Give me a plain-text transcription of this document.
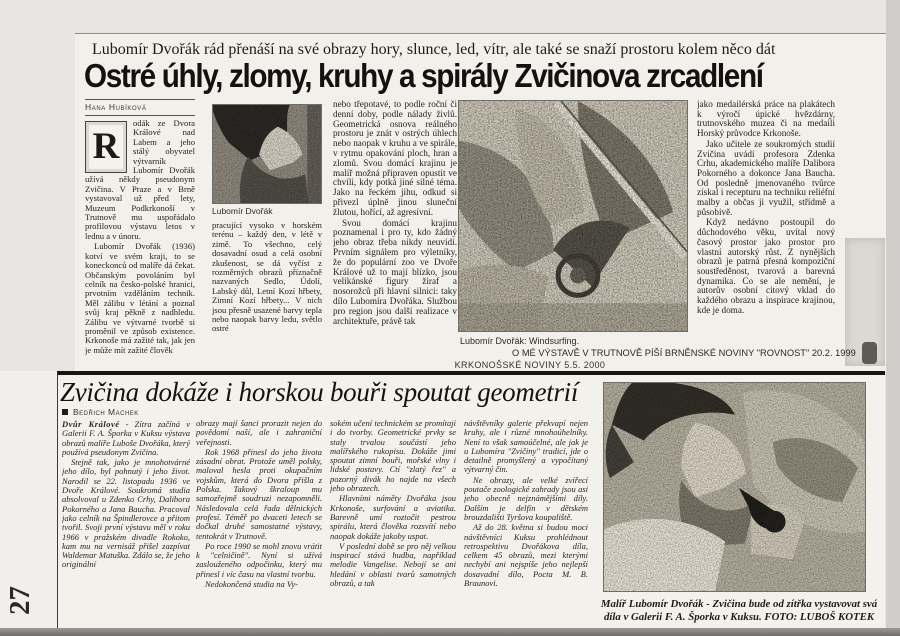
Lubomír Dvořák rád přenáší na své obrazy hory, slunce, led, vítr, ale také se snaží prostoru kolem něco dát
Ostré úhly, zlomy, kruhy a spirály Zvičinova zrcadlení
Hana Hubíková

R
odák ze Dvora Králové nad Labem a jeho stálý obyvatel výtvarník Lubomír Dvořák užívá někdy pseudonym Zvičina. V Praze a v Brně vystavoval už před lety, Muzeum Podkrkonoší v Trutnově mu uspořádalo profilovou výstavu letos v lednu a v únoru.

Lubomír Dvořák (1936) kotví ve svém kraji, to se koneckonců od malíře dá čekat. Občanským povoláním byl celník na česko-polské hranici, prvotním vzděláním technik. Měl zálibu v létání a poznal svůj kraj pěkně z nadhledu. Zálibu ve výtvarné tvorbě si proměnil ve způsob existence. Krkonoše má zažité tak, jak jen je může mít zažité člověk

Lubomír Dvořák

pracující vysoko v horském terénu – každý den, v létě v zimě. To všechno, celý dosavadní osud a celá osobní zkušenost, se dá vyčíst z rozměrných obrazů příznačně nazvaných Sedlo, Údolí, Labský důl, Letní Kozí hřbety, Zimní Kozí hřbety... V nich jsou přesně usazené barvy tepla nebo naopak barvy ledu, světlo ostré

nebo třepotavé, to podle roční či denní doby, podle nálady živlů. Geometrická osnova reálného prostoru je znát v ostrých úhlech nebo naopak v kruhu a ve spirále, v rytmu opakování ploch, hran a zlomů. Svou domácí krajinu je malíř možná připraven opustit ve chvíli, kdy potká jiné silné téma. Jako na řeckém jihu, odkud si přivezl úplně jinou sluneční žlutou, hořící, až agresívní.

Svou domácí krajinu poznamenal i pro ty, kdo žádný jeho obraz třeba nikdy neuvidí. Prvním signálem pro výletníky, že do populární zoo ve Dvoře Králové už to mají blízko, jsou velikánské figury žiraf a nosorožců při hlavní silnici: taky dílo Lubomíra Dvořáka. Službou pro region jsou další realizace v architektuře, právě tak

Lubomír Dvořák: Windsurfing.
O MÉ VÝSTAVĚ V TRUTNOVĚ PÍŠÍ BRNĚNSKÉ NOVINY "ROVNOST" 20.2. 1999

jako medailérská práce na plakátech k výročí úpické hvězdárny, trutnovského muzea či na medaili Horský průvodce Krkonoše.

Jako učitele ze soukromých studií Zvičina uvádí profesora Zdenka Crhu, akademického malíře Dalibora Pokorného a dokonce Jana Baucha. Od posledně jmenovaného tvůrce získal i recepturu na techniku reliéfní malby a občas ji využil, střídmě a působivě.

Když nedávno postoupil do důchodového věku, uvítal nový časový prostor jako prostor pro vlastní autorský růst. Z nynějších obrazů je patrná přesná kompoziční soustředěnost, tvarová a barevná dynamika. Co se ale nemění, je autorův osobní citový vklad do každého obrazu a inspirace krajinou, kde je doma.

KRKONOŠSKÉ NOVINY 5.5. 2000
Zvičina dokáže i horskou bouři spoutat geometrií
Bedřich Machek

Dvůr Králové - Zítra začíná v Galerii F. A. Šporka v Kuksu výstava obrazů malíře Luboše Dvořáka, který používá pseudonym Zvičina.

Stejně tak, jako je mnohotvárné jeho dílo, byl pohnutý i jeho život. Narodil se 22. listopadu 1936 ve Dvoře Králové. Soukromá studia absolvoval u Zdenko Crhy, Dalibora Pokorného a Jana Baucha. Pracoval jako celník na Špindlerovce a přitom tvořil. Svoji první výstavu měl v roku 1966 v pražském divadle Rokoko, kam mu na vernisáž přišel zazpívat Waldemar Matuška. Zdálo se, že jeho originální

obrazy mají šanci prorazit nejen do povědomí naší, ale i zahraniční veřejnosti.

Rok 1968 přinesl do jeho života zásadní obrat. Protože uměl polsky, maloval hesla proti okupačním vojskům, která do Dvora přišla z Polska. Takový škraloup mu samozřejmě soudruzi nezapomněli. Následovala celá řada dělnických profesí. Téměř po dvaceti letech se dočkal druhé samostatné výstavy, tentokrát v Trutnově.

Po roce 1990 se mohl znovu vrátit k "celničině". Nyní si užívá zaslouženého odpočinku, který mu přinesl i víc času na vlastní tvorbu.

Nedokončená studia na Vy-

sokém učení technickém se promítají i do tvorby. Geometrické prvky se staly trvalou součástí jeho malířského rukopisu. Dokáže jimi spoutat zimní bouři, mořské vlny i lidské postavy. Ctí "zlatý řez" a pozorný divák ho najde na všech jeho obrazech.

Hlavními náměty Dvořáka jsou Krkonoše, surfování a aviatika. Barevně umí roztočit pestrou spirálu, která člověka rozsvítí nebo naopak dokáže jakoby uspat.

V poslední době se pro něj velkou inspirací stává hudba, například melodie Vangelise. Nebojí se ani hledání v oblasti tvarů samotných obrazů, a tak

návštěvníky galerie překvapí nejen kruhy, ale i různé mnohoúhelníky. Není to však samoúčelné, ale jak je u Lubomíra "Zvičiny" tradicí, jde o detailně promyšlený a vypočítaný výtvarný čin.

Ne obrazy, ale velké zvířecí poutače zoologické zahrady jsou asi jeho obecně nejznámějšími díly. Dalším je delfín v dětském brouzdališti Tyršova koupaliště.

Až do 28. května si budou moci návštěvníci Kuksu prohlédnout retrospektivu Dvořákova díla, celkem 45 obrazů, mezi kterými nechybí ani nejspíše jeho nejlepší dosavadní dílo, Pocta M. B. Braunovi.

Malíř Lubomír Dvořák - Zvičina bude od zítřka vystavovat svá díla v Galerii F. A. Šporka v Kuksu. FOTO: LUBOŠ KOTEK
27
